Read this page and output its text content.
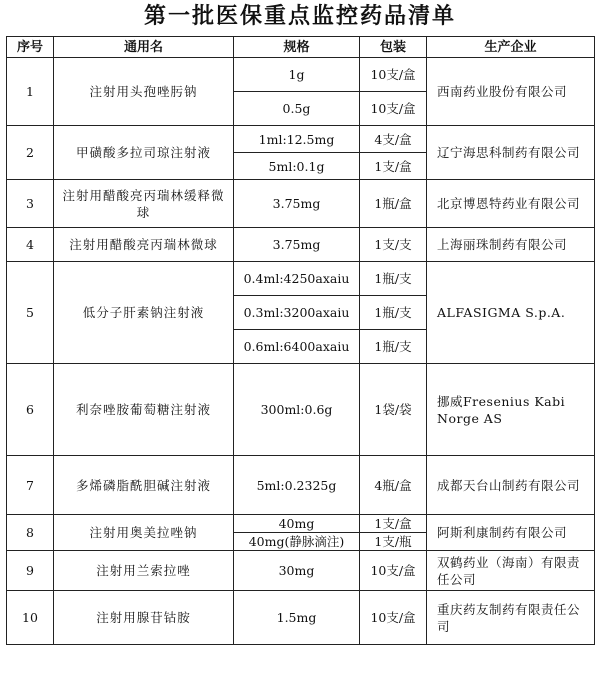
第一批医保重点监控药品清单
序号	通用名	规格	包装	生产企业
1	注射用头孢唑肟钠	1g	10支/盒	西南药业股份有限公司
		0.5g	10支/盒	
2	甲磺酸多拉司琼注射液	1ml:12.5mg	4支/盒	辽宁海思科制药有限公司
		5ml:0.1g	1支/盒	
3	注射用醋酸亮丙瑞林缓释微球	3.75mg	1瓶/盒	北京博恩特药业有限公司
4	注射用醋酸亮丙瑞林微球	3.75mg	1支/支	上海丽珠制药有限公司
5	低分子肝素钠注射液	0.4ml:4250axaiu	1瓶/支	ALFASIGMA S.p.A.
		0.3ml:3200axaiu	1瓶/支	
		0.6ml:6400axaiu	1瓶/支	
6	利奈唑胺葡萄糖注射液	300ml:0.6g	1袋/袋	挪威Fresenius Kabi Norge AS
7	多烯磷脂酰胆碱注射液	5ml:0.2325g	4瓶/盒	成都天台山制药有限公司
8	注射用奥美拉唑钠	40mg	1支/盒	阿斯利康制药有限公司
		40mg(静脉滴注)	1支/瓶	
9	注射用兰索拉唑	30mg	10支/盒	双鹤药业（海南）有限责任公司
10	注射用腺苷钴胺	1.5mg	10支/盒	重庆药友制药有限责任公司
